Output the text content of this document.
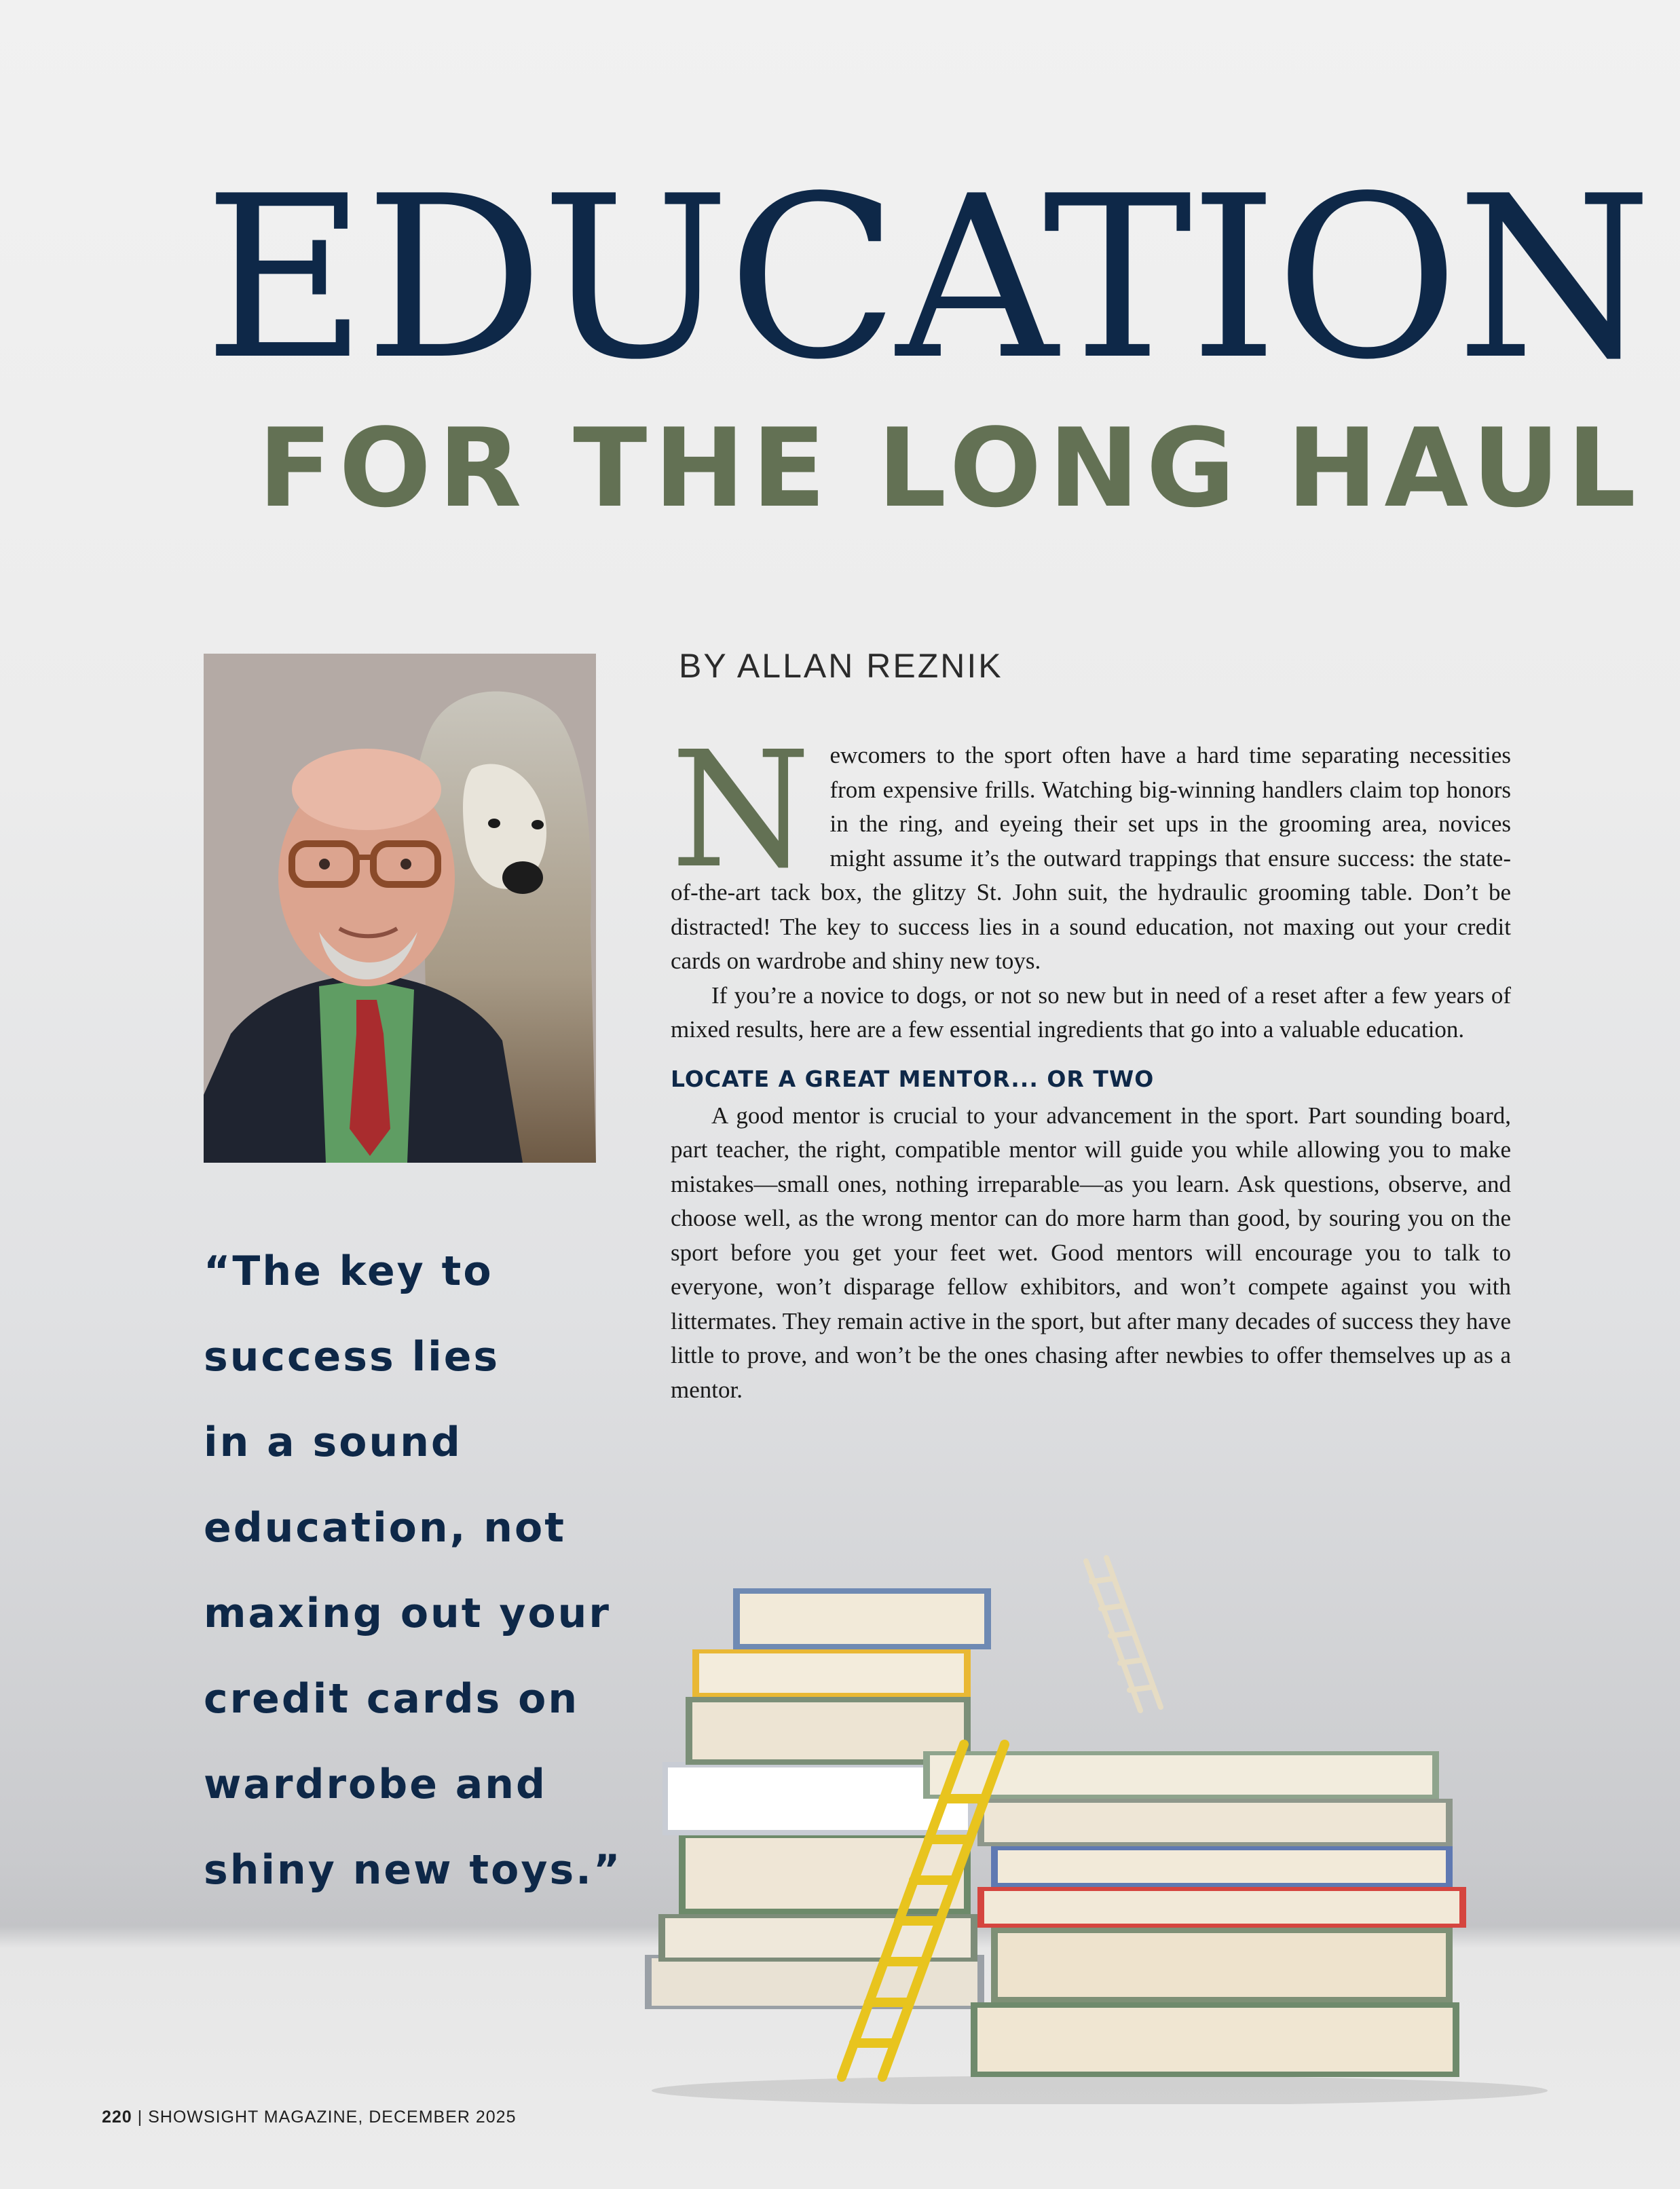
EDUCATION
FOR THE LONG HAUL
BY ALLAN REZNIK

Newcomers to the sport often have a hard time separating necessities from expensive frills. Watching big-winning handlers claim top honors in the ring, and eyeing their set ups in the grooming area, novices might assume it’s the outward trappings that ensure success: the state-of-the-art tack box, the glitzy St. John suit, the hydraulic grooming table. Don’t be distracted! The key to success lies in a sound education, not maxing out your credit cards on wardrobe and shiny new toys.

If you’re a novice to dogs, or not so new but in need of a reset after a few years of mixed results, here are a few essential ingredients that go into a valuable education.

LOCATE A GREAT MENTOR... OR TWO

A good mentor is crucial to your advancement in the sport. Part sounding board, part teacher, the right, compatible mentor will guide you while allowing you to make mistakes—small ones, nothing irreparable—as you learn. Ask questions, observe, and choose well, as the wrong mentor can do more harm than good, by souring you on the sport before you get your feet wet. Good mentors will encourage you to talk to everyone, won’t disparage fellow exhibitors, and won’t compete against you with littermates. They remain active in the sport, but after many decades of success they have little to prove, and won’t be the ones chasing after newbies to offer themselves up as a mentor.

“The key to
success lies
in a sound
education, not
maxing out your
credit cards on
wardrobe and
shiny new toys.”
220 | SHOWSIGHT MAGAZINE, DECEMBER 2025
